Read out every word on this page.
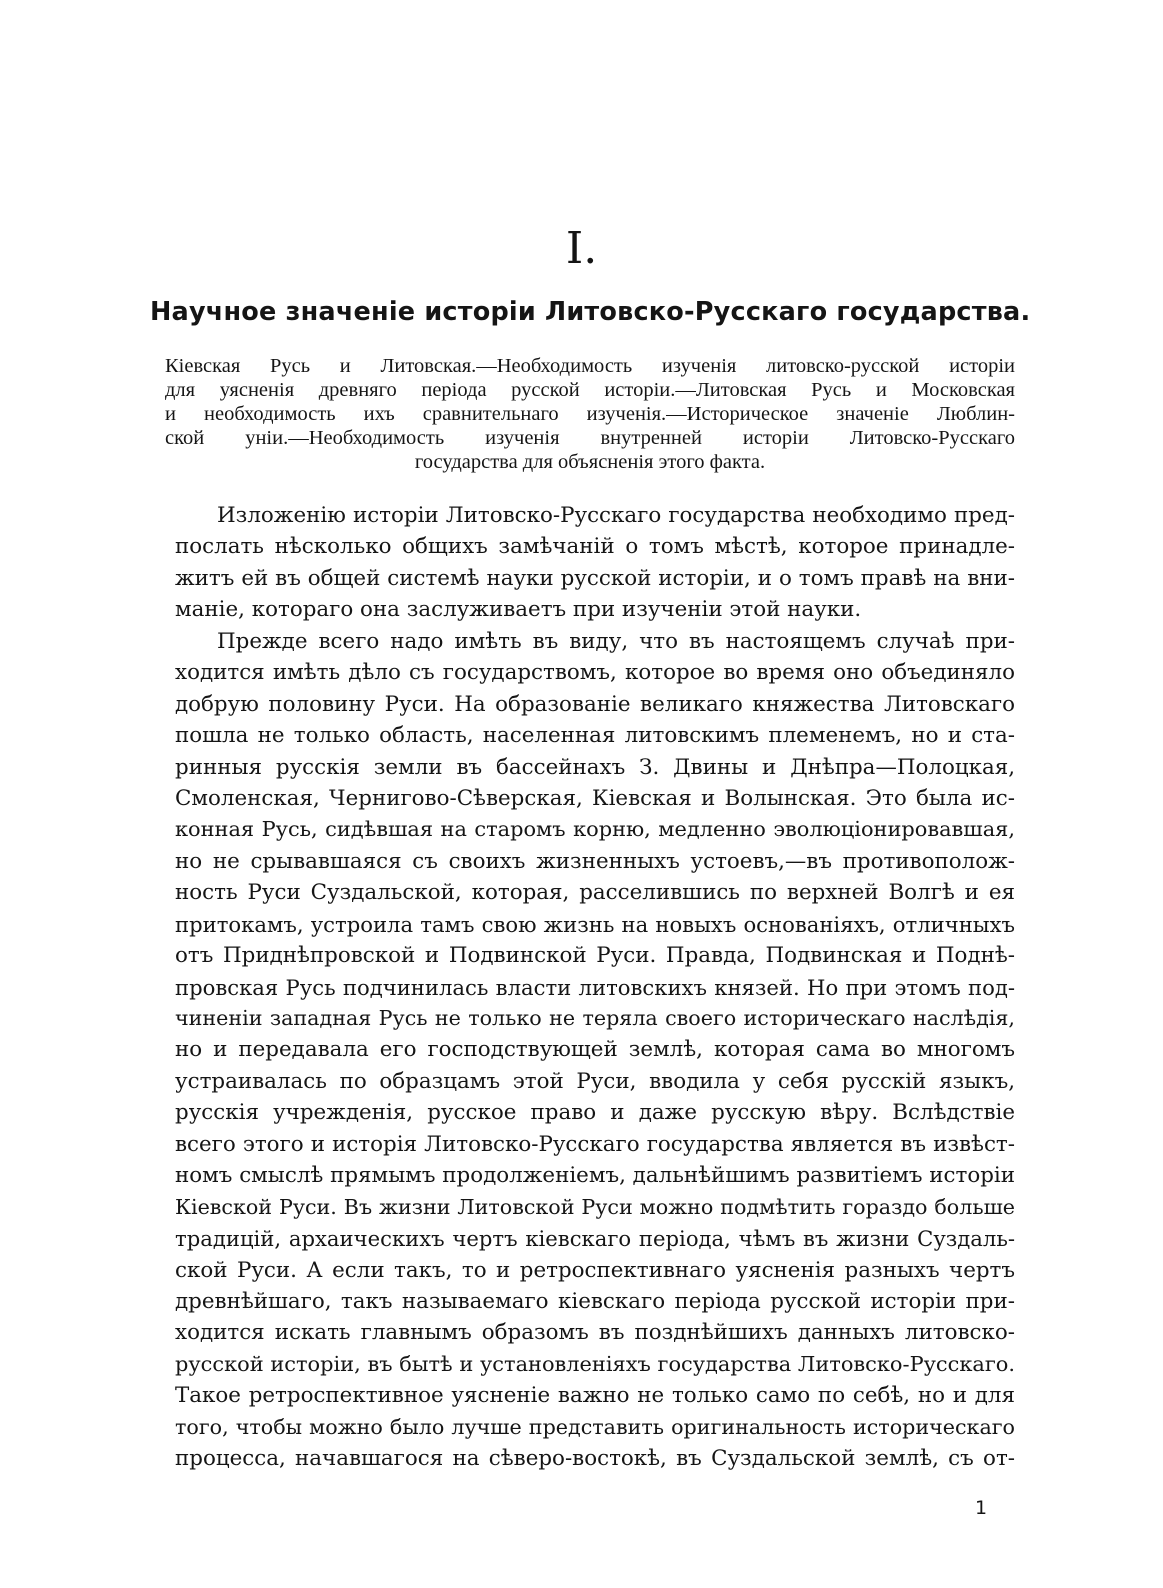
I.
Научное значеніе исторіи Литовско-Русскаго государства.
Кіевская Русь и Литовская.—Необходимость изученія литовско-русской исторіи
для уясненія древняго періода русской исторіи.—Литовская Русь и Московская
и необходимость ихъ сравнительнаго изученія.—Историческое значеніе Люблин-
ской уніи.—Необходимость изученія внутренней исторіи Литовско-Русскаго
государства для объясненія этого факта.
Изложенію исторіи Литовско-Русскаго государства необходимо пред-
послать нѣсколько общихъ замѣчаній о томъ мѣстѣ, которое принадле-
житъ ей въ общей системѣ науки русской исторіи, и о томъ правѣ на вни-
маніе, котораго она заслуживаетъ при изученіи этой науки.
Прежде всего надо имѣть въ виду, что въ настоящемъ случаѣ при-
ходится имѣть дѣло съ государствомъ, которое во время оно объединяло
добрую половину Руси. На образованіе великаго княжества Литовскаго
пошла не только область, населенная литовскимъ племенемъ, но и ста-
ринныя русскія земли въ бассейнахъ З. Двины и Днѣпра—Полоцкая,
Смоленская, Чернигово-Сѣверская, Кіевская и Волынская. Это была ис-
конная Русь, сидѣвшая на старомъ корню, медленно эволюціонировавшая,
но не срывавшаяся съ своихъ жизненныхъ устоевъ,—въ противополож-
ность Руси Суздальской, которая, расселившись по верхней Волгѣ и ея
притокамъ, устроила тамъ свою жизнь на новыхъ основаніяхъ, отличныхъ
отъ Приднѣпровской и Подвинской Руси. Правда, Подвинская и Поднѣ-
провская Русь подчинилась власти литовскихъ князей. Но при этомъ под-
чиненіи западная Русь не только не теряла своего историческаго наслѣдія,
но и передавала его господствующей землѣ, которая сама во многомъ
устраивалась по образцамъ этой Руси, вводила у себя русскій языкъ,
русскія учрежденія, русское право и даже русскую вѣру. Вслѣдствіе
всего этого и исторія Литовско-Русскаго государства является въ извѣст-
номъ смыслѣ прямымъ продолженіемъ, дальнѣйшимъ развитіемъ исторіи
Кіевской Руси. Въ жизни Литовской Руси можно подмѣтить гораздо больше
традицій, архаическихъ чертъ кіевскаго періода, чѣмъ въ жизни Суздаль-
ской Руси. А если такъ, то и ретроспективнаго уясненія разныхъ чертъ
древнѣйшаго, такъ называемаго кіевскаго періода русской исторіи при-
ходится искать главнымъ образомъ въ позднѣйшихъ данныхъ литовско-
русской исторіи, въ бытѣ и установленіяхъ государства Литовско-Русскаго.
Такое ретроспективное уясненіе важно не только само по себѣ, но и для
того, чтобы можно было лучше представить оригинальность историческаго
процесса, начавшагося на сѣверо-востокѣ, въ Суздальской землѣ, съ от-
1
